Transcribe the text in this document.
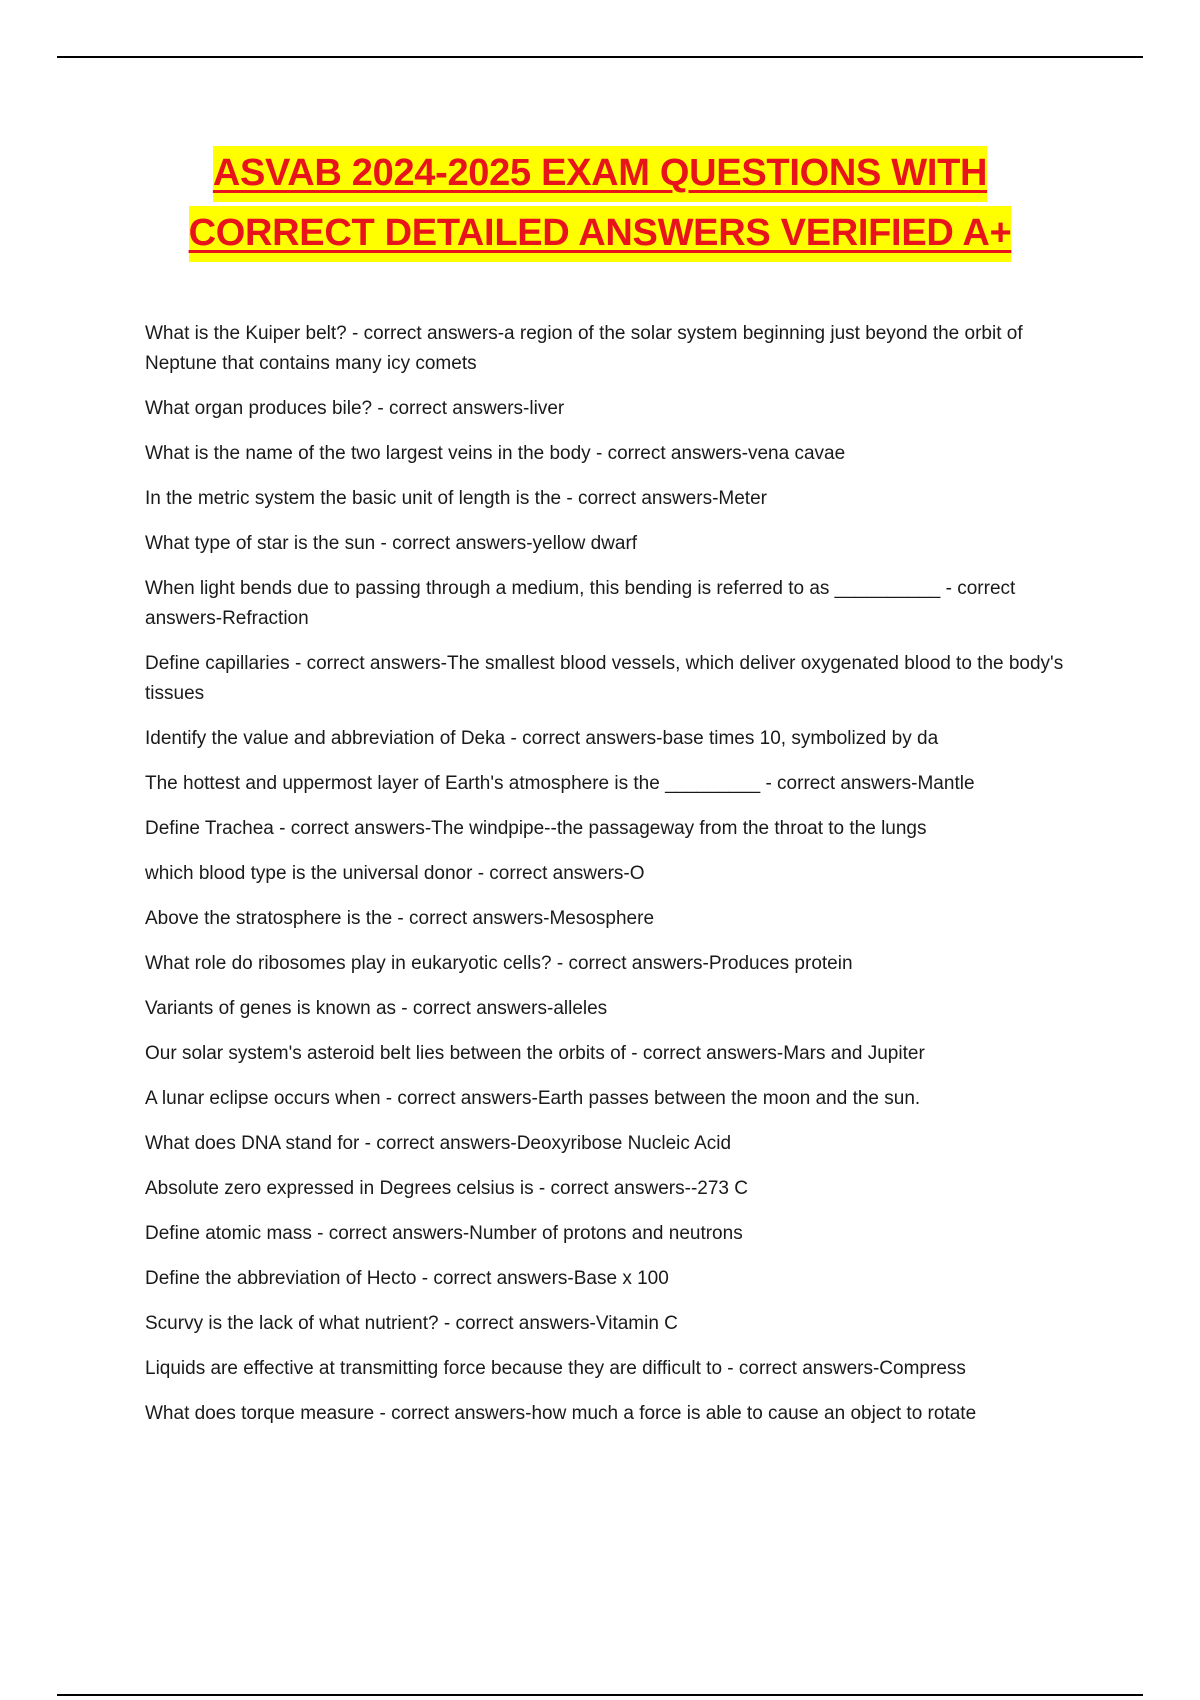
ASVAB 2024-2025 EXAM QUESTIONS WITH
CORRECT DETAILED ANSWERS VERIFIED A+
What is the Kuiper belt? - correct answers-a region of the solar system beginning just beyond the orbit of Neptune that contains many icy comets
What organ produces bile? - correct answers-liver
What is the name of the two largest veins in the body - correct answers-vena cavae
In the metric system the basic unit of length is the - correct answers-Meter
What type of star is the sun - correct answers-yellow dwarf
When light bends due to passing through a medium, this bending is referred to as __________ - correct answers-Refraction
Define capillaries - correct answers-The smallest blood vessels, which deliver oxygenated blood to the body's tissues
Identify the value and abbreviation of Deka - correct answers-base times 10, symbolized by da
The hottest and uppermost layer of Earth's atmosphere is the _________ - correct answers-Mantle
Define Trachea - correct answers-The windpipe--the passageway from the throat to the lungs
which blood type is the universal donor - correct answers-O
Above the stratosphere is the - correct answers-Mesosphere
What role do ribosomes play in eukaryotic cells? - correct answers-Produces protein
Variants of genes is known as - correct answers-alleles
Our solar system's asteroid belt lies between the orbits of - correct answers-Mars and Jupiter
A lunar eclipse occurs when - correct answers-Earth passes between the moon and the sun.
What does DNA stand for - correct answers-Deoxyribose Nucleic Acid
Absolute zero expressed in Degrees celsius is - correct answers--273 C
Define atomic mass - correct answers-Number of protons and neutrons
Define the abbreviation of Hecto - correct answers-Base x 100
Scurvy is the lack of what nutrient? - correct answers-Vitamin C
Liquids are effective at transmitting force because they are difficult to - correct answers-Compress
What does torque measure - correct answers-how much a force is able to cause an object to rotate
